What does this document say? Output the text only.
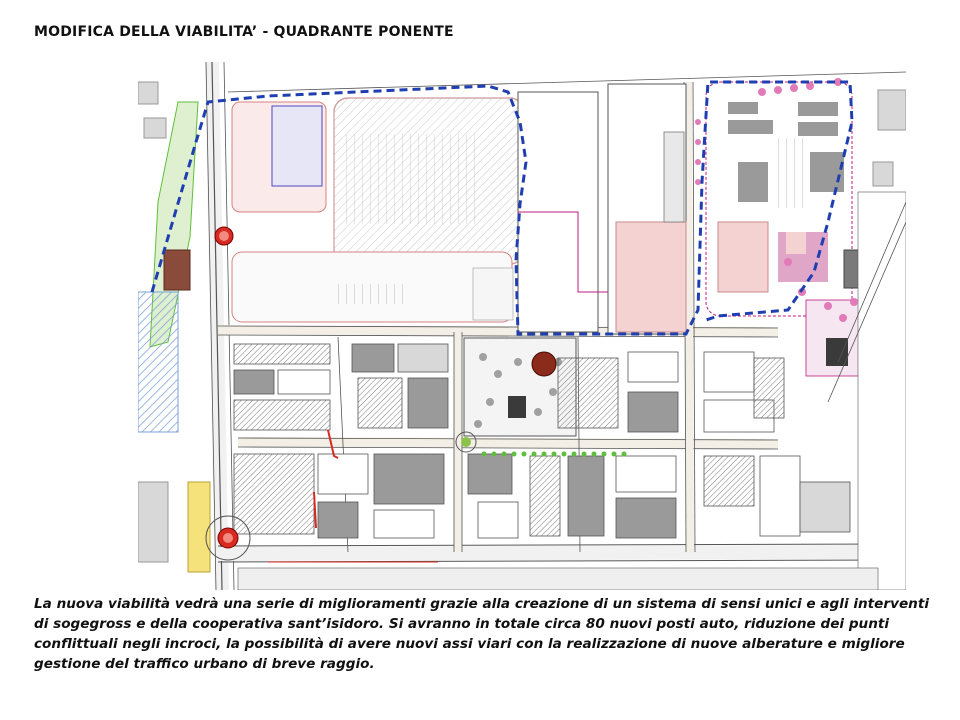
MODIFICA DELLA VIABILITA’ - QUADRANTE PONENTE

La nuova viabilità vedrà una serie di miglioramenti grazie alla creazione di un sistema di sensi unici e agli interventi di sogegross e della cooperativa sant’isidoro. Si avranno in totale circa 80 nuovi posti auto, riduzione dei punti conflittuali negli incroci, la possibilità di avere nuovi assi viari con la realizzazione di nuove alberature e migliore gestione del traffico urbano di breve raggio.
